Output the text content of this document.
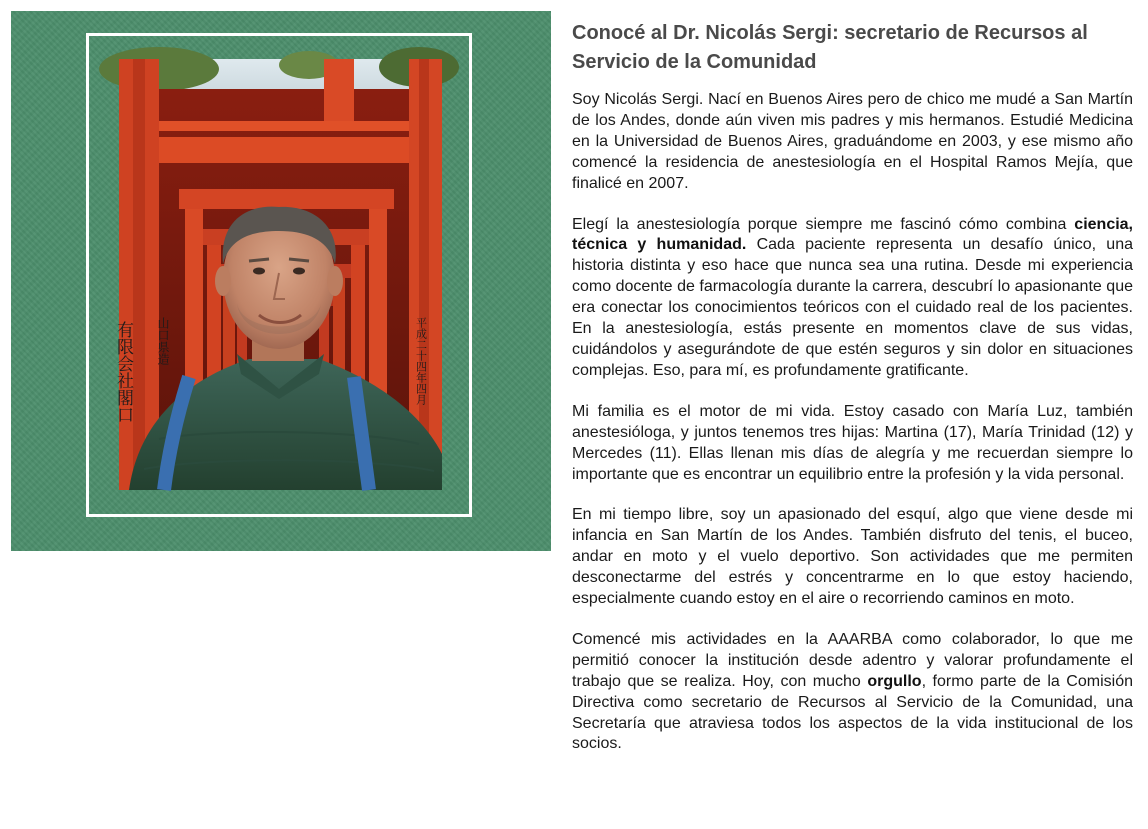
有限会社閣口 山口県造	平成二十四年四月
Conocé al Dr. Nicolás Sergi: secretario de Recursos al Servicio de la Comunidad

Soy Nicolás Sergi. Nací en Buenos Aires pero de chico me mudé a San Martín de los Andes, donde aún viven mis padres y mis hermanos. Estudié Medicina en la Universidad de Buenos Aires, graduándome en 2003, y ese mismo año comencé la residencia de anestesiología en el Hospital Ramos Mejía, que finalicé en 2007.

Elegí la anestesiología porque siempre me fascinó cómo combina ciencia, técnica y humanidad. Cada paciente representa un desafío único, una historia distinta y eso hace que nunca sea una rutina. Desde mi experiencia como docente de farmacología durante la carrera, descubrí lo apasionante que era conectar los conocimientos teóricos con el cuidado real de los pacientes. En la anestesiología, estás presente en momentos clave de sus vidas, cuidándolos y asegurándote de que estén seguros y sin dolor en situaciones complejas. Eso, para mí, es profundamente gratificante.

Mi familia es el motor de mi vida. Estoy casado con María Luz, también anestesióloga, y juntos tenemos tres hijas: Martina (17), María Trinidad (12) y Mercedes (11). Ellas llenan mis días de alegría y me recuerdan siempre lo importante que es encontrar un equilibrio entre la profesión y la vida personal.

En mi tiempo libre, soy un apasionado del esquí, algo que viene desde mi infancia en San Martín de los Andes. También disfruto del tenis, el buceo, andar en moto y el vuelo deportivo. Son actividades que me permiten desconectarme del estrés y concentrarme en lo que estoy haciendo, especialmente cuando estoy en el aire o recorriendo caminos en moto.

Comencé mis actividades en la AAARBA como colaborador, lo que me permitió conocer la institución desde adentro y valorar profundamente el trabajo que se realiza. Hoy, con mucho orgullo, formo parte de la Comisión Directiva como secretario de Recursos al Servicio de la Comunidad, una Secretaría que atraviesa todos los aspectos de la vida institucional de los socios.
